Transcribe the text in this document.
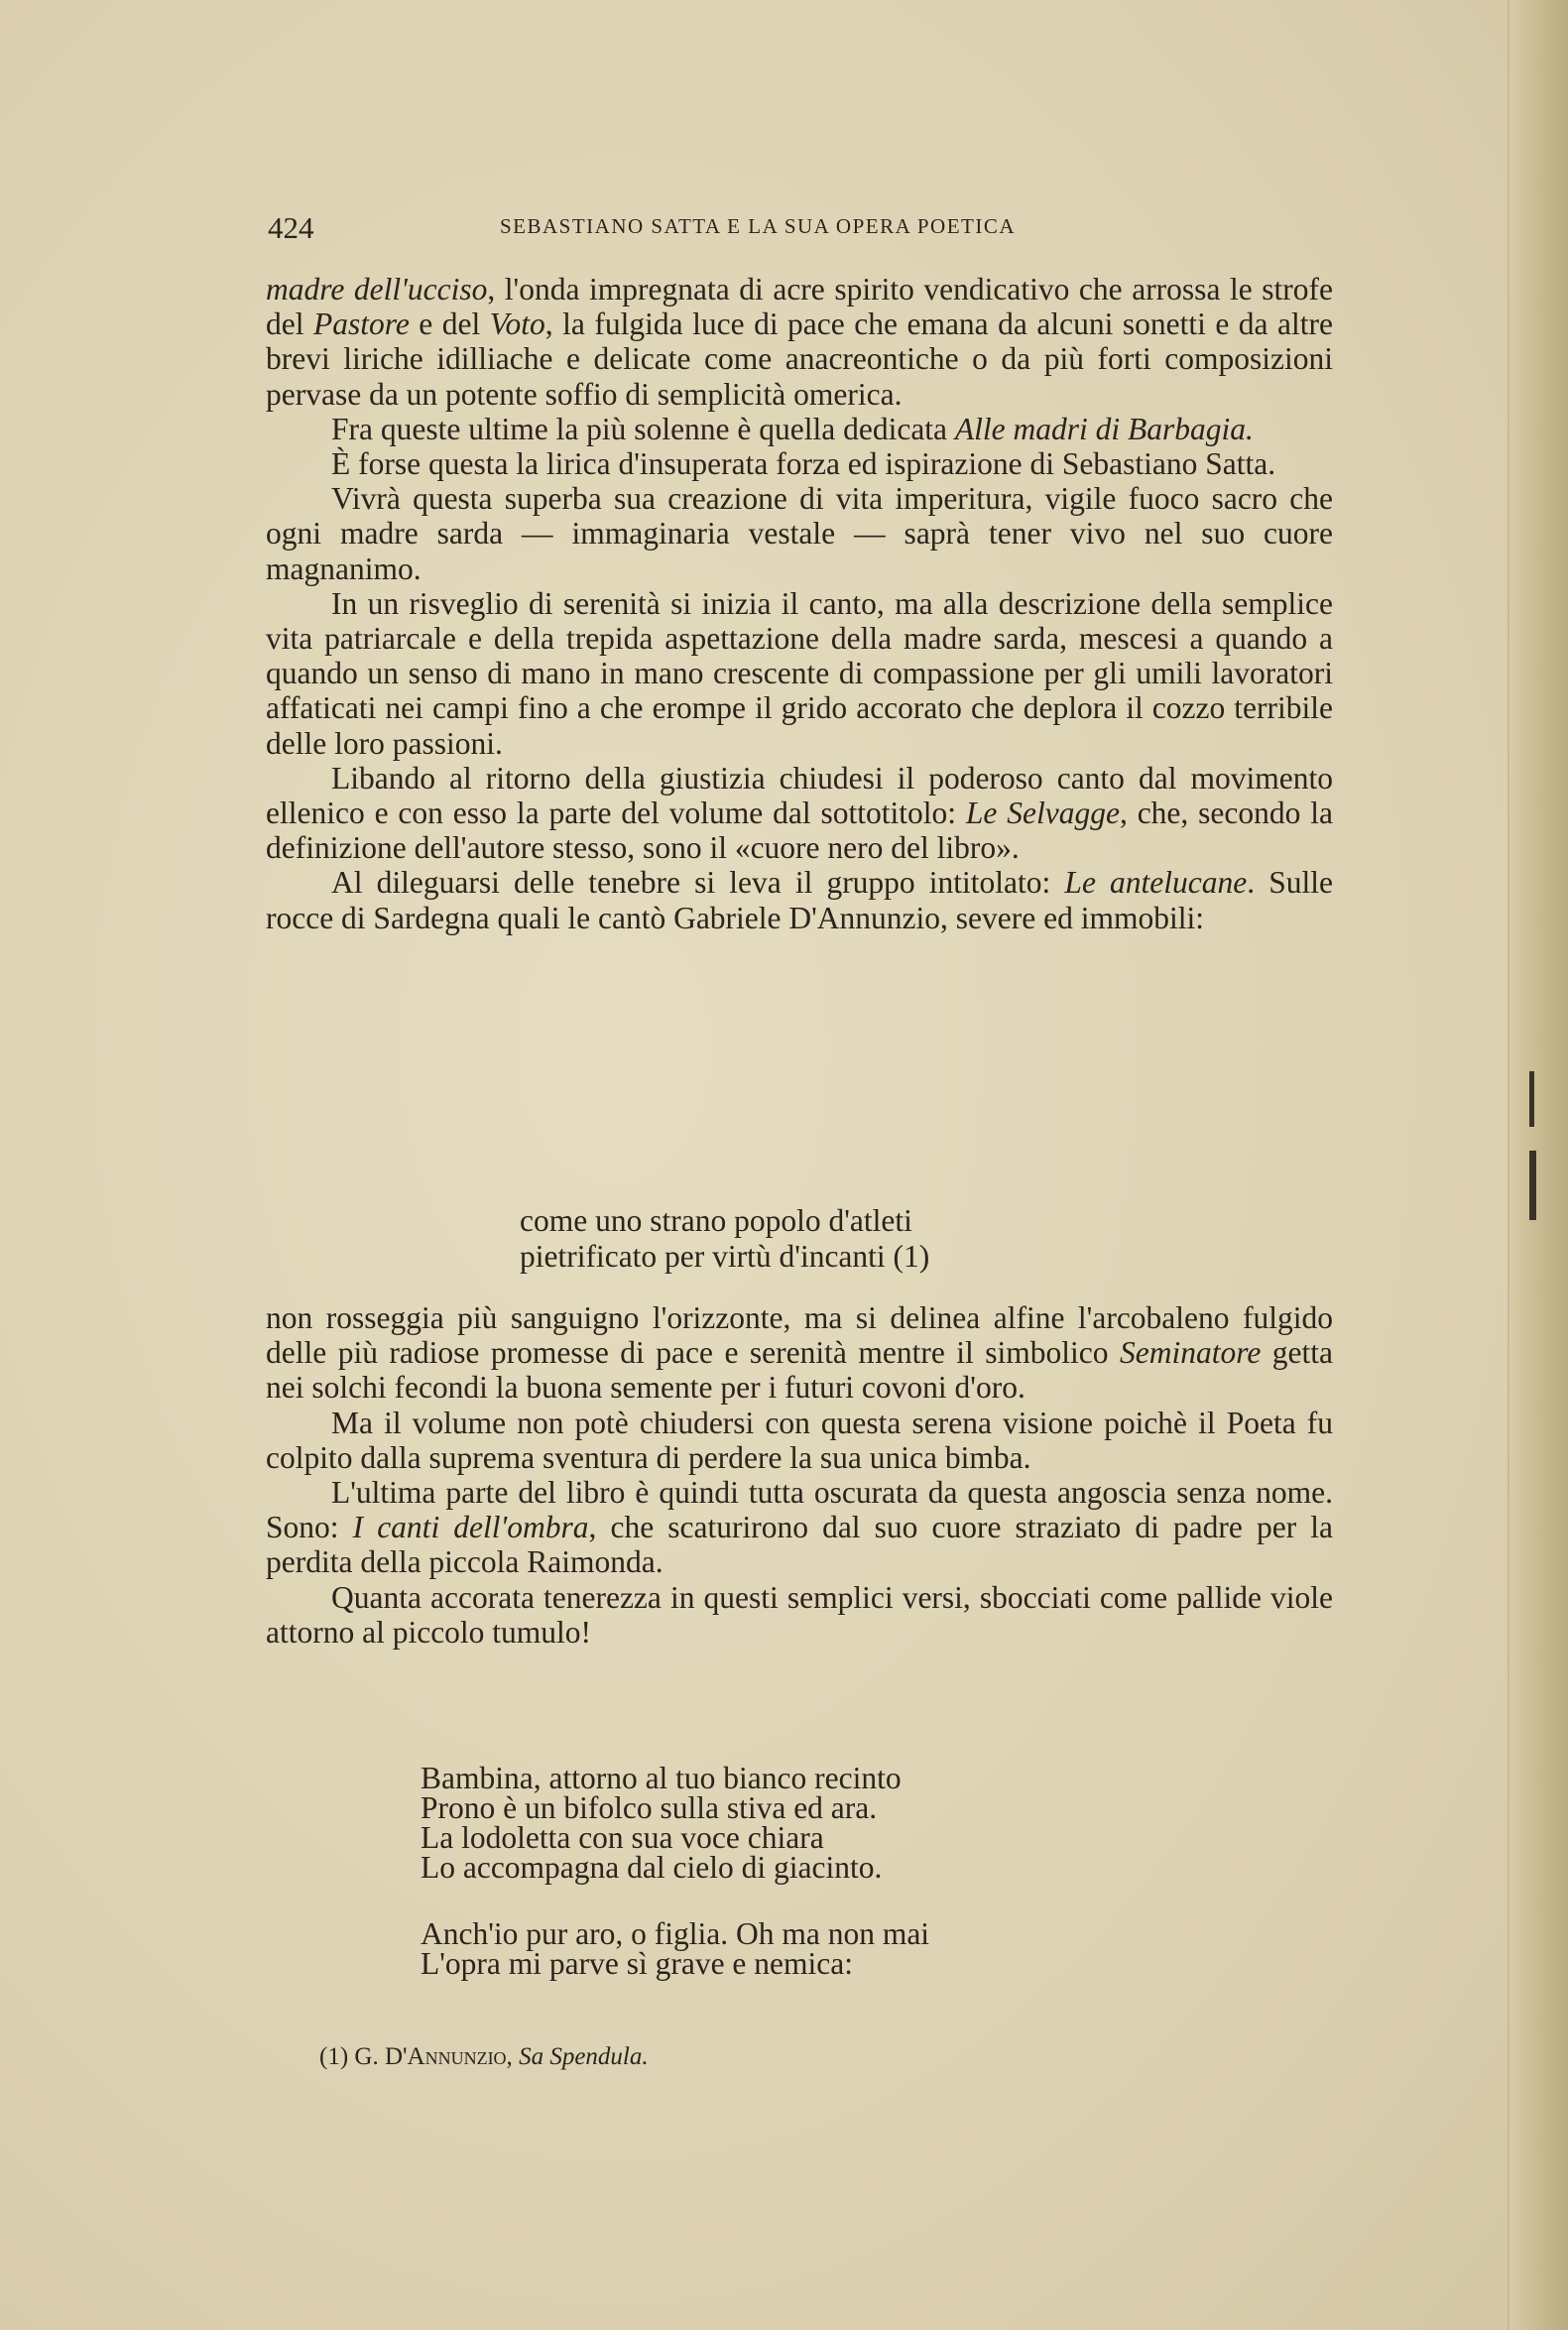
424	SEBASTIANO SATTA E LA SUA OPERA POETICA

madre dell'ucciso, l'onda impregnata di acre spirito vendicativo che arrossa le strofe del Pastore e del Voto, la fulgida luce di pace che emana da alcuni sonetti e da altre brevi liriche idilliache e delicate come anacreontiche o da più forti composizioni pervase da un potente soffio di semplicità omerica.

Fra queste ultime la più solenne è quella dedicata Alle madri di Barbagia.

È forse questa la lirica d'insuperata forza ed ispirazione di Sebastiano Satta.

Vivrà questa superba sua creazione di vita imperitura, vigile fuoco sacro che ogni madre sarda — immaginaria vestale — saprà tener vivo nel suo cuore magnanimo.

In un risveglio di serenità si inizia il canto, ma alla descrizione della semplice vita patriarcale e della trepida aspettazione della madre sarda, mescesi a quando a quando un senso di mano in mano crescente di compassione per gli umili lavoratori affaticati nei campi fino a che erompe il grido accorato che deplora il cozzo terribile delle loro passioni.

Libando al ritorno della giustizia chiudesi il poderoso canto dal movimento ellenico e con esso la parte del volume dal sottotitolo: Le Selvagge, che, secondo la definizione dell'autore stesso, sono il «cuore nero del libro».

Al dileguarsi delle tenebre si leva il gruppo intitolato: Le antelucane. Sulle rocce di Sardegna quali le cantò Gabriele D'Annunzio, severe ed immobili:

come uno strano popolo d'atleti
pietrificato per virtù d'incanti (1)

non rosseggia più sanguigno l'orizzonte, ma si delinea alfine l'arcobaleno fulgido delle più radiose promesse di pace e serenità mentre il simbolico Seminatore getta nei solchi fecondi la buona semente per i futuri covoni d'oro.

Ma il volume non potè chiudersi con questa serena visione poichè il Poeta fu colpito dalla suprema sventura di perdere la sua unica bimba.

L'ultima parte del libro è quindi tutta oscurata da questa angoscia senza nome. Sono: I canti dell'ombra, che scaturirono dal suo cuore straziato di padre per la perdita della piccola Raimonda.

Quanta accorata tenerezza in questi semplici versi, sbocciati come pallide viole attorno al piccolo tumulo!

Bambina, attorno al tuo bianco recinto
Prono è un bifolco sulla stiva ed ara.
La lodoletta con sua voce chiara
Lo accompagna dal cielo di giacinto.
Anch'io pur aro, o figlia. Oh ma non mai
L'opra mi parve sì grave e nemica:
(1) G. D'Annunzio, Sa Spendula.
